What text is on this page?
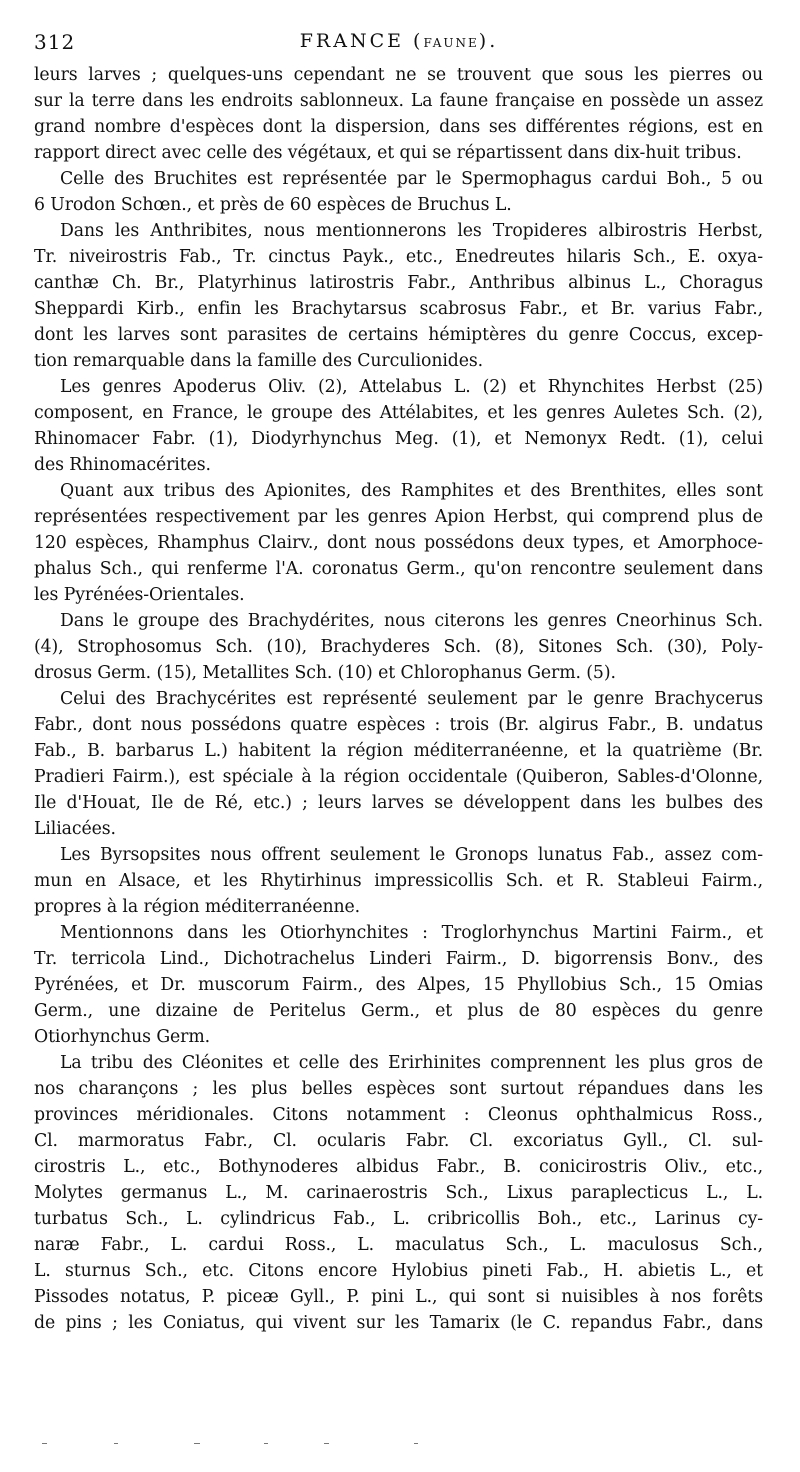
312	FRANCE (FAUNE).

leurs larves ; quelques-uns cependant ne se trouvent que sous les pierres ou
sur la terre dans les endroits sablonneux. La faune française en possède un assez
grand nombre d'espèces dont la dispersion, dans ses différentes régions, est en
rapport direct avec celle des végétaux, et qui se répartissent dans dix-huit tribus.

Celle des Bruchites est représentée par le Spermophagus cardui Boh., 5 ou
6 Urodon Schœn., et près de 60 espèces de Bruchus L.

Dans les Anthribites, nous mentionnerons les Tropideres albirostris Herbst,
Tr. niveirostris Fab., Tr. cinctus Payk., etc., Enedreutes hilaris Sch., E. oxya-
canthæ Ch. Br., Platyrhinus latirostris Fabr., Anthribus albinus L., Choragus
Sheppardi Kirb., enfin les Brachytarsus scabrosus Fabr., et Br. varius Fabr.,
dont les larves sont parasites de certains hémiptères du genre Coccus, excep-
tion remarquable dans la famille des Curculionides.

Les genres Apoderus Oliv. (2), Attelabus L. (2) et Rhynchites Herbst (25)
composent, en France, le groupe des Attélabites, et les genres Auletes Sch. (2),
Rhinomacer Fabr. (1), Diodyrhynchus Meg. (1), et Nemonyx Redt. (1), celui
des Rhinomacérites.

Quant aux tribus des Apionites, des Ramphites et des Brenthites, elles sont
représentées respectivement par les genres Apion Herbst, qui comprend plus de
120 espèces, Rhamphus Clairv., dont nous possédons deux types, et Amorphoce-
phalus Sch., qui renferme l'A. coronatus Germ., qu'on rencontre seulement dans
les Pyrénées-Orientales.

Dans le groupe des Brachydérites, nous citerons les genres Cneorhinus Sch.
(4), Strophosomus Sch. (10), Brachyderes Sch. (8), Sitones Sch. (30), Poly-
drosus Germ. (15), Metallites Sch. (10) et Chlorophanus Germ. (5).

Celui des Brachycérites est représenté seulement par le genre Brachycerus
Fabr., dont nous possédons quatre espèces : trois (Br. algirus Fabr., B. undatus
Fab., B. barbarus L.) habitent la région méditerranéenne, et la quatrième (Br.
Pradieri Fairm.), est spéciale à la région occidentale (Quiberon, Sables-d'Olonne,
Ile d'Houat, Ile de Ré, etc.) ; leurs larves se développent dans les bulbes des
Liliacées.

Les Byrsopsites nous offrent seulement le Gronops lunatus Fab., assez com-
mun en Alsace, et les Rhytirhinus impressicollis Sch. et R. Stableui Fairm.,
propres à la région méditerranéenne.

Mentionnons dans les Otiorhynchites : Troglorhynchus Martini Fairm., et
Tr. terricola Lind., Dichotrachelus Linderi Fairm., D. bigorrensis Bonv., des
Pyrénées, et Dr. muscorum Fairm., des Alpes, 15 Phyllobius Sch., 15 Omias
Germ., une dizaine de Peritelus Germ., et plus de 80 espèces du genre
Otiorhynchus Germ.

La tribu des Cléonites et celle des Erirhinites comprennent les plus gros de
nos charançons ; les plus belles espèces sont surtout répandues dans les
provinces méridionales. Citons notamment : Cleonus ophthalmicus Ross.,
Cl. marmoratus Fabr., Cl. ocularis Fabr. Cl. excoriatus Gyll., Cl. sul-
cirostris L., etc., Bothynoderes albidus Fabr., B. conicirostris Oliv., etc.,
Molytes germanus L., M. carinaerostris Sch., Lixus paraplecticus L., L.
turbatus Sch., L. cylindricus Fab., L. cribricollis Boh., etc., Larinus cy-
naræ Fabr., L. cardui Ross., L. maculatus Sch., L. maculosus Sch.,
L. sturnus Sch., etc. Citons encore Hylobius pineti Fab., H. abietis L., et
Pissodes notatus, P. piceæ Gyll., P. pini L., qui sont si nuisibles à nos forêts
de pins ; les Coniatus, qui vivent sur les Tamarix (le C. repandus Fabr., dans
